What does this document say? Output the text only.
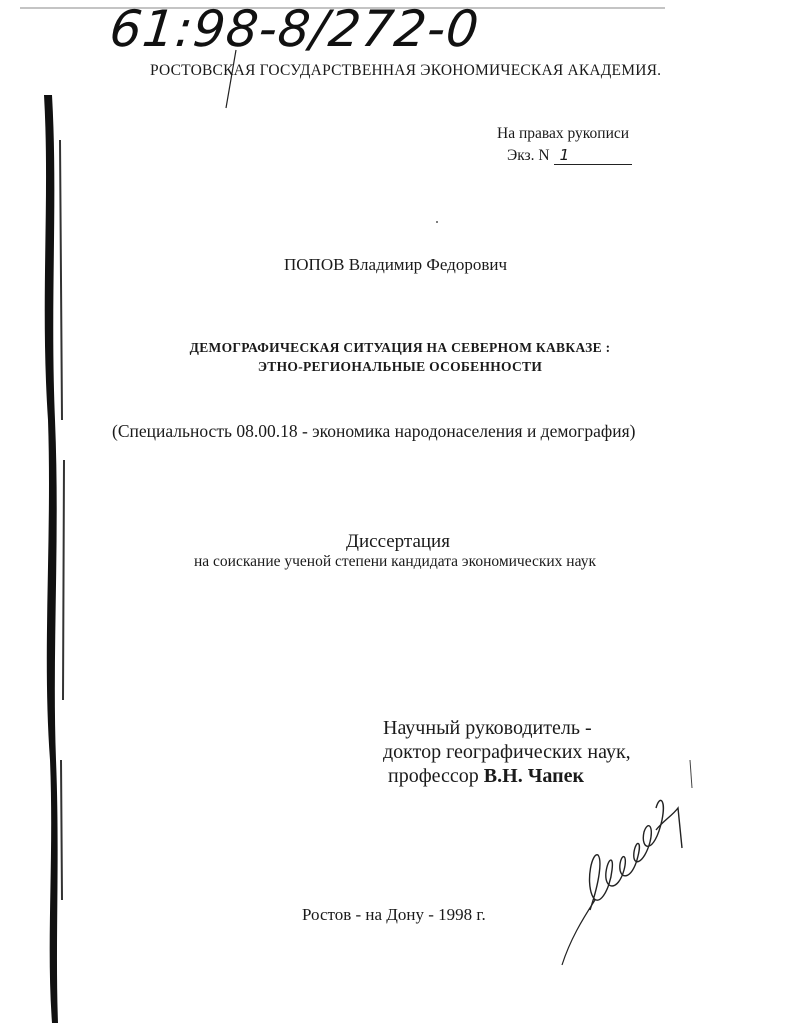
61:98-8/272-0
РОСТОВСКАЯ ГОСУДАРСТВЕННАЯ ЭКОНОМИЧЕСКАЯ АКАДЕМИЯ.
На правах рукописи
Экз. N 1
ПОПОВ Владимир Федорович
ДЕМОГРАФИЧЕСКАЯ СИТУАЦИЯ НА СЕВЕРНОМ КАВКАЗЕ :
ЭТНО-РЕГИОНАЛЬНЫЕ ОСОБЕННОСТИ
(Специальность 08.00.18 - экономика народонаселения и демография)
Диссертация
на соискание ученой степени кандидата экономических наук
Научный руководитель -
доктор географических наук,
профессор В.Н. Чапек
Ростов - на Дону - 1998 г.
